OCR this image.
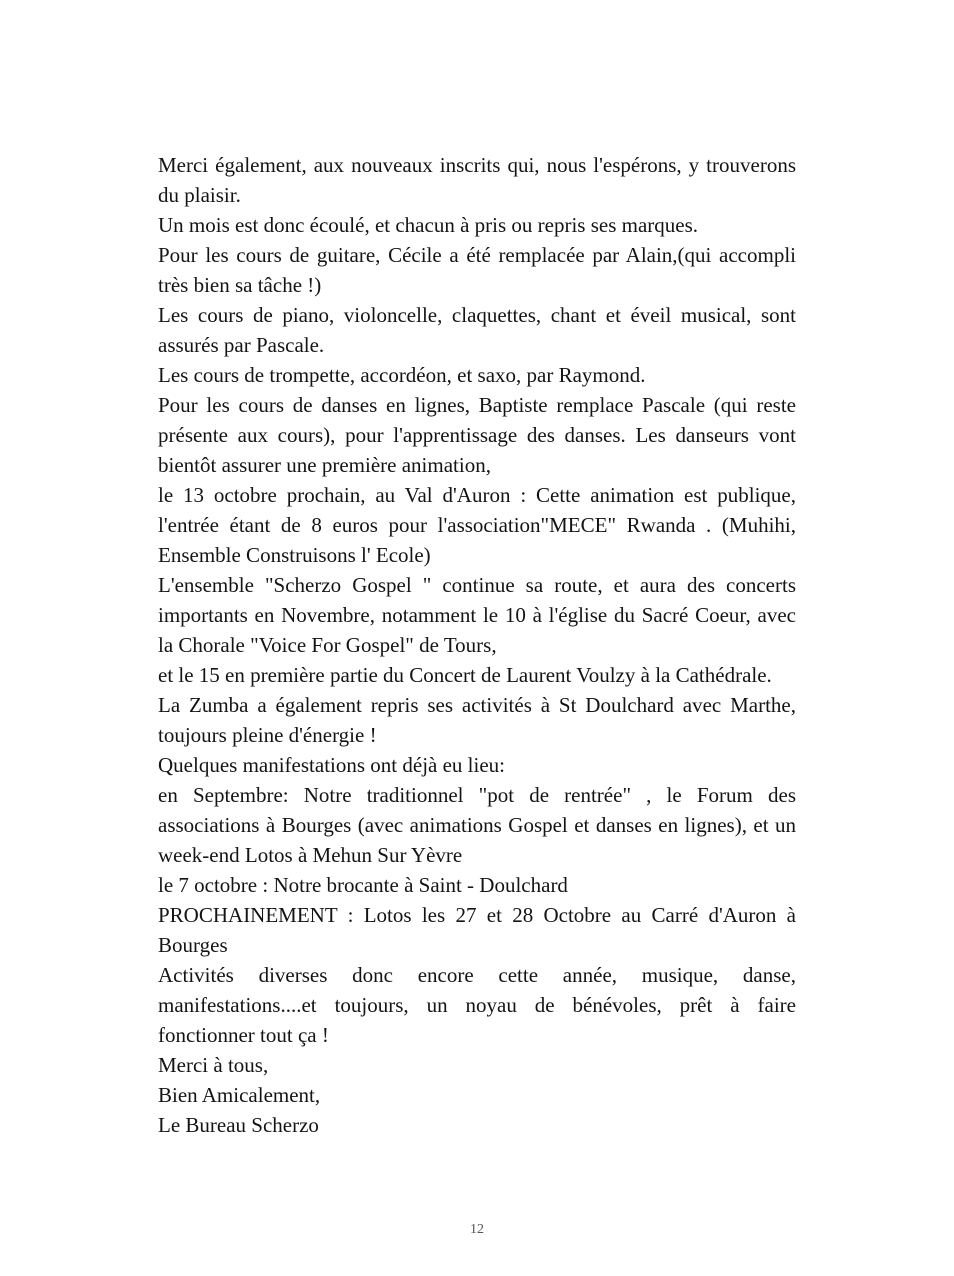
Merci également, aux nouveaux inscrits qui, nous l'espérons, y trouverons du plaisir.

Un mois est donc écoulé, et chacun à pris ou repris ses marques.

Pour les cours de guitare, Cécile a été remplacée par Alain,(qui accompli très bien sa tâche !)

Les cours de piano, violoncelle, claquettes, chant et éveil musical, sont assurés par Pascale.

Les cours de trompette, accordéon, et saxo, par Raymond.

Pour les cours de danses en lignes, Baptiste remplace Pascale (qui reste présente aux cours), pour l'apprentissage des danses. Les danseurs vont bientôt assurer une première animation,

le 13 octobre prochain, au Val d'Auron : Cette animation est publique, l'entrée étant de 8 euros pour l'association"MECE" Rwanda . (Muhihi, Ensemble Construisons l' Ecole)

L'ensemble "Scherzo Gospel " continue sa route, et aura des concerts importants en Novembre, notamment le 10 à l'église du Sacré Coeur, avec la Chorale "Voice For Gospel" de Tours,

et le 15 en première partie du Concert de Laurent Voulzy à la Cathédrale.

La Zumba a également repris ses activités à St Doulchard avec Marthe, toujours pleine d'énergie !

Quelques manifestations ont déjà eu lieu:

en Septembre: Notre traditionnel "pot de rentrée" , le Forum des associations à Bourges (avec animations Gospel et danses en lignes), et un week-end Lotos à Mehun Sur Yèvre

le 7 octobre : Notre brocante à Saint - Doulchard

PROCHAINEMENT : Lotos les 27 et 28 Octobre au Carré d'Auron à Bourges

Activités diverses donc encore cette année, musique, danse, manifestations....et toujours, un noyau de bénévoles, prêt à faire fonctionner tout ça !

Merci à tous,

Bien Amicalement,

Le Bureau Scherzo

12
